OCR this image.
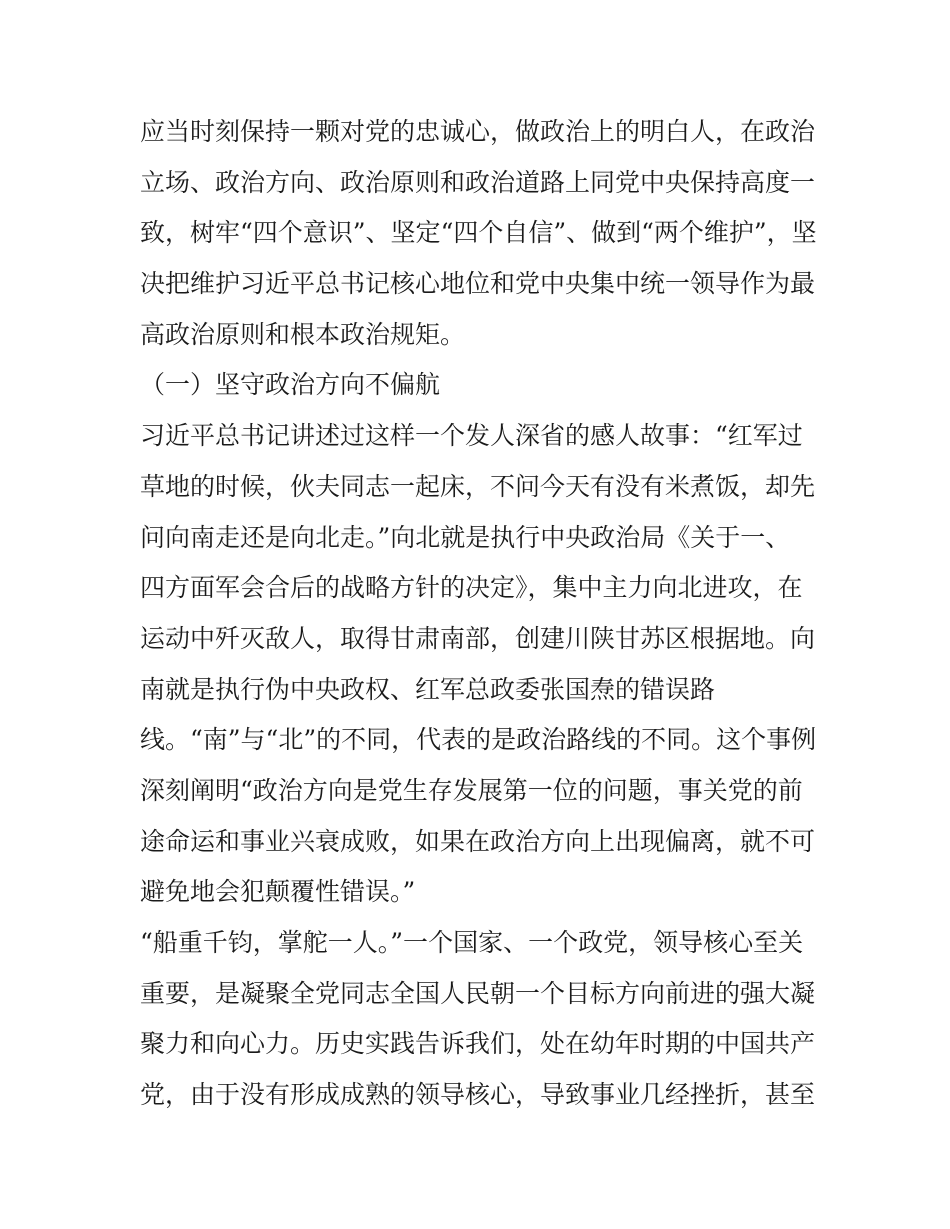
应当时刻保持一颗对党的忠诚心，做政治上的明白人，在政治
立场、政治方向、政治原则和政治道路上同党中央保持高度一
致，树牢“四个意识”、坚定“四个自信”、做到“两个维护”，坚
决把维护习近平总书记核心地位和党中央集中统一领导作为最
高政治原则和根本政治规矩。
（一）坚守政治方向不偏航
习近平总书记讲述过这样一个发人深省的感人故事：“红军过
草地的时候，伙夫同志一起床，不问今天有没有米煮饭，却先
问向南走还是向北走。”向北就是执行中央政治局《关于一、
四方面军会合后的战略方针的决定》，集中主力向北进攻，在
运动中歼灭敌人，取得甘肃南部，创建川陕甘苏区根据地。向
南就是执行伪中央政权、红军总政委张国焘的错误路
线。“南”与“北”的不同，代表的是政治路线的不同。这个事例
深刻阐明“政治方向是党生存发展第一位的问题，事关党的前
途命运和事业兴衰成败，如果在政治方向上出现偏离，就不可
避免地会犯颠覆性错误。”
“船重千钧，掌舵一人。”一个国家、一个政党，领导核心至关
重要，是凝聚全党同志全国人民朝一个目标方向前进的强大凝
聚力和向心力。历史实践告诉我们，处在幼年时期的中国共产
党，由于没有形成成熟的领导核心，导致事业几经挫折，甚至
